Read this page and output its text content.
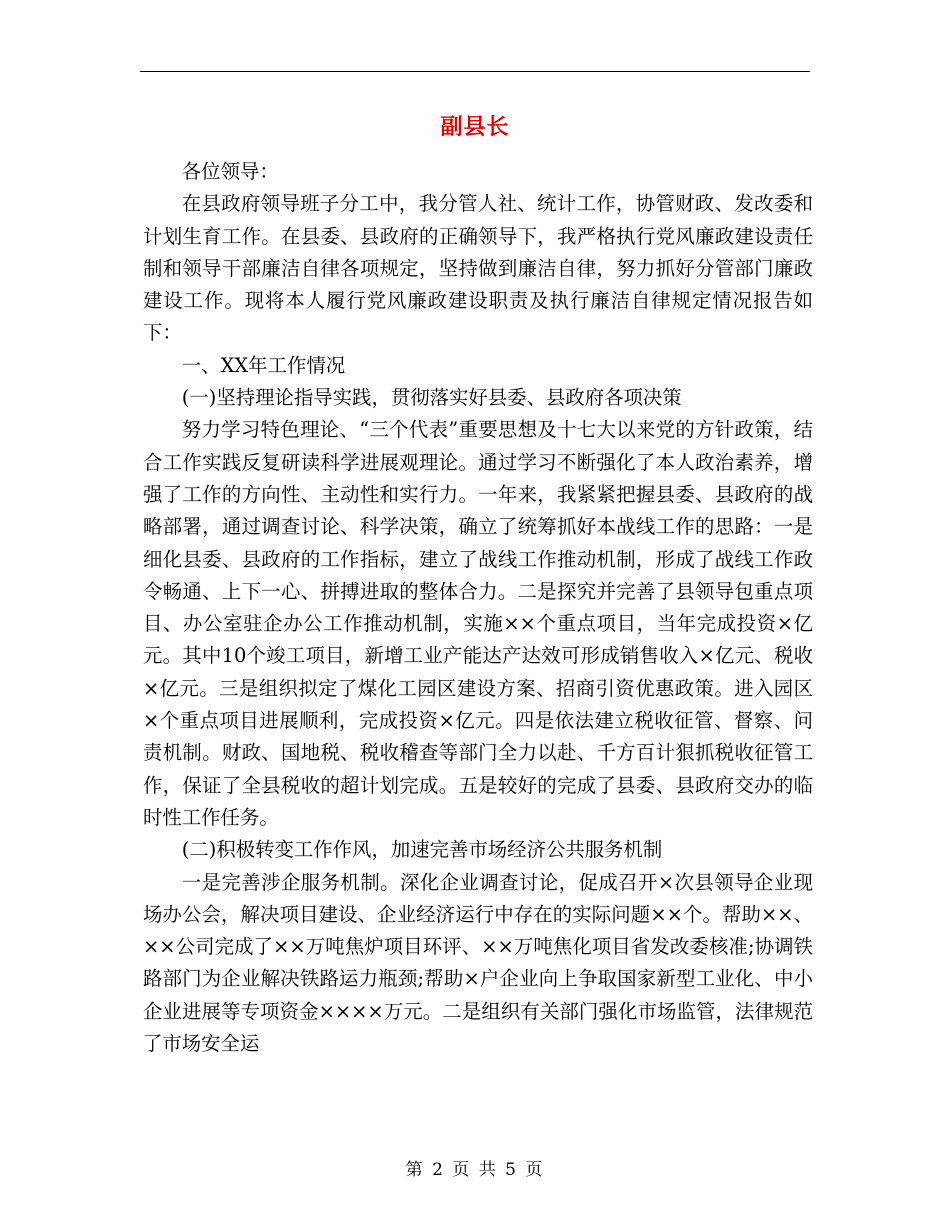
副县长

各位领导：

在县政府领导班子分工中，我分管人社、统计工作，协管财政、发改委和计划生育工作。在县委、县政府的正确领导下，我严格执行党风廉政建设责任制和领导干部廉洁自律各项规定，坚持做到廉洁自律，努力抓好分管部门廉政建设工作。现将本人履行党风廉政建设职责及执行廉洁自律规定情况报告如下：

一、XX年工作情况

(一)坚持理论指导实践，贯彻落实好县委、县政府各项决策

努力学习特色理论、“三个代表”重要思想及十七大以来党的方针政策，结合工作实践反复研读科学进展观理论。通过学习不断强化了本人政治素养，增强了工作的方向性、主动性和实行力。一年来，我紧紧把握县委、县政府的战略部署，通过调查讨论、科学决策，确立了统筹抓好本战线工作的思路：一是细化县委、县政府的工作指标，建立了战线工作推动机制，形成了战线工作政令畅通、上下一心、拼搏进取的整体合力。二是探究并完善了县领导包重点项目、办公室驻企办公工作推动机制，实施××个重点项目，当年完成投资×亿元。其中10个竣工项目，新增工业产能达产达效可形成销售收入×亿元、税收×亿元。三是组织拟定了煤化工园区建设方案、招商引资优惠政策。进入园区×个重点项目进展顺利，完成投资×亿元。四是依法建立税收征管、督察、问责机制。财政、国地税、税收稽查等部门全力以赴、千方百计狠抓税收征管工作，保证了全县税收的超计划完成。五是较好的完成了县委、县政府交办的临时性工作任务。

(二)积极转变工作作风，加速完善市场经济公共服务机制

一是完善涉企服务机制。深化企业调查讨论，促成召开×次县领导企业现场办公会，解决项目建设、企业经济运行中存在的实际问题××个。帮助××、××公司完成了××万吨焦炉项目环评、××万吨焦化项目省发改委核准;协调铁路部门为企业解决铁路运力瓶颈;帮助×户企业向上争取国家新型工业化、中小企业进展等专项资金××××万元。二是组织有关部门强化市场监管，法律规范了市场安全运

第 2 页 共 5 页
